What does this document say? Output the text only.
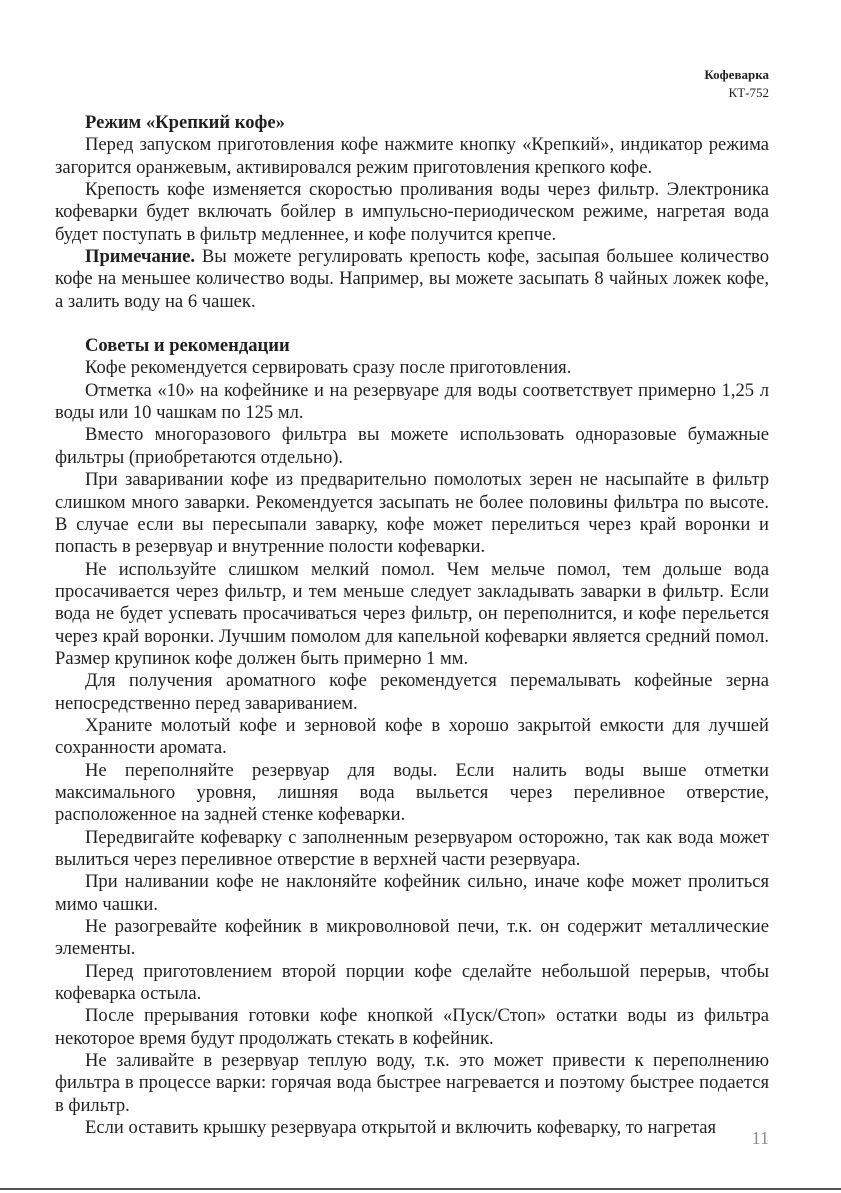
Кофеварка
КТ-752
Режим «Крепкий кофе»

Перед запуском приготовления кофе нажмите кнопку «Крепкий», индикатор режима загорится оранжевым, активировался режим приготовления крепкого кофе.

Крепость кофе изменяется скоростью проливания воды через фильтр. Электроника кофеварки будет включать бойлер в импульсно-периодическом режиме, нагретая вода будет поступать в фильтр медленнее, и кофе получится крепче.

Примечание. Вы можете регулировать крепость кофе, засыпая большее количество кофе на меньшее количество воды. Например, вы можете засыпать 8 чайных ложек кофе, а залить воду на 6 чашек.

Советы и рекомендации

Кофе рекомендуется сервировать сразу после приготовления.

Отметка «10» на кофейнике и на резервуаре для воды соответствует примерно 1,25 л воды или 10 чашкам по 125 мл.

Вместо многоразового фильтра вы можете использовать одноразовые бумажные фильтры (приобретаются отдельно).

При заваривании кофе из предварительно помолотых зерен не насыпайте в фильтр слишком много заварки. Рекомендуется засыпать не более половины фильтра по высоте. В случае если вы пересыпали заварку, кофе может перелиться через край воронки и попасть в резервуар и внутренние полости кофеварки.

Не используйте слишком мелкий помол. Чем мельче помол, тем дольше вода просачивается через фильтр, и тем меньше следует закладывать заварки в фильтр. Если вода не будет успевать просачиваться через фильтр, он переполнится, и кофе перельется через край воронки. Лучшим помолом для капельной кофеварки является средний помол. Размер крупинок кофе должен быть примерно 1 мм.

Для получения ароматного кофе рекомендуется перемалывать кофейные зерна непосредственно перед завариванием.

Храните молотый кофе и зерновой кофе в хорошо закрытой емкости для лучшей сохранности аромата.

Не переполняйте резервуар для воды. Если налить воды выше отметки максимального уровня, лишняя вода выльется через переливное отверстие, расположенное на задней стенке кофеварки.

Передвигайте кофеварку с заполненным резервуаром осторожно, так как вода может вылиться через переливное отверстие в верхней части резервуара.

При наливании кофе не наклоняйте кофейник сильно, иначе кофе может пролиться мимо чашки.

Не разогревайте кофейник в микроволновой печи, т.к. он содержит металлические элементы.

Перед приготовлением второй порции кофе сделайте небольшой перерыв, чтобы кофеварка остыла.

После прерывания готовки кофе кнопкой «Пуск/Стоп» остатки воды из фильтра некоторое время будут продолжать стекать в кофейник.

Не заливайте в резервуар теплую воду, т.к. это может привести к переполнению фильтра в процессе варки: горячая вода быстрее нагревается и поэтому быстрее подается в фильтр.

Если оставить крышку резервуара открытой и включить кофеварку, то нагретая	11
